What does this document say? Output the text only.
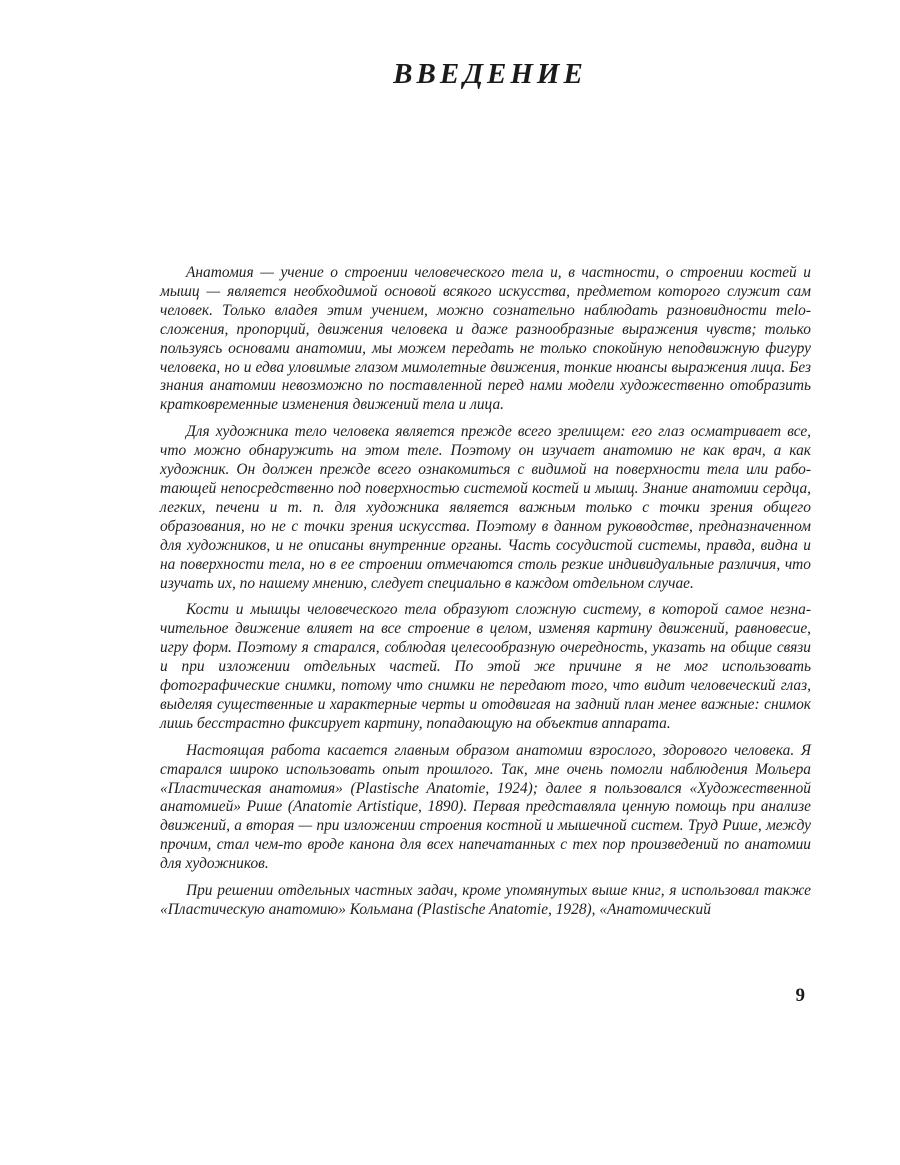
ВВЕДЕНИЕ

Анатомия — учение о строении человеческого тела и, в частности, о строении костей и мышц — является необходимой основой всякого искусства, предметом которого служит сам человек. Только владея этим учением, можно сознательно наблюдать разновидности теloсложения, пропорций, движения человека и даже разнообразные выражения чувств; только пользуясь основами анатомии, мы можем передать не только спокойную неподвижную фигуру человека, но и едва уловимые глазом мимолетные движения, тонкие нюансы выражения лица. Без знания анатомии невозможно по поставленной перед нами модели художественно отобразить кратковременные изменения движений тела и лица.

Для художника тело человека является прежде всего зрелищем: его глаз осматривает все, что можно обнаружить на этом теле. Поэтому он изучает анатомию не как врач, а как художник. Он должен прежде всего ознакомиться с видимой на поверхности тела или работающей непосредственно под поверхностью системой костей и мышц. Знание анатомии сердца, легких, печени и т. п. для художника является важным только с точки зрения общего образования, но не с точки зрения искусства. Поэтому в данном руководстве, предназначенном для художников, и не описаны внутренние органы. Часть сосудистой системы, правда, видна и на поверхности тела, но в ее строении отмечаются столь резкие индивидуальные различия, что изучать их, по нашему мнению, следует специально в каждом отдельном случае.

Кости и мышцы человеческого тела образуют сложную систему, в которой самое незначительное движение влияет на все строение в целом, изменяя картину движений, равновесие, игру форм. Поэтому я старался, соблюдая целесообразную очередность, указать на общие связи и при изложении отдельных частей. По этой же причине я не мог использовать фотографические снимки, потому что снимки не передают того, что видит человеческий глаз, выделяя существенные и характерные черты и отодвигая на задний план менее важные: снимок лишь бесстрастно фиксирует картину, попадающую на объектив аппарата.

Настоящая работа касается главным образом анатомии взрослого, здорового человека. Я старался широко использовать опыт прошлого. Так, мне очень помогли наблюдения Мольера «Пластическая анатомия» (Plastische Anatomie, 1924); далее я пользовался «Художественной анатомией» Рише (Anatomie Artistique, 1890). Первая представляла ценную помощь при анализе движений, а вторая — при изложении строения костной и мышечной систем. Труд Рише, между прочим, стал чем-то вроде канона для всех напечатанных с тех пор произведений по анатомии для художников.

При решении отдельных частных задач, кроме упомянутых выше книг, я использовал также «Пластическую анатомию» Кольмана (Plastische Anatomie, 1928), «Анатомический

9
